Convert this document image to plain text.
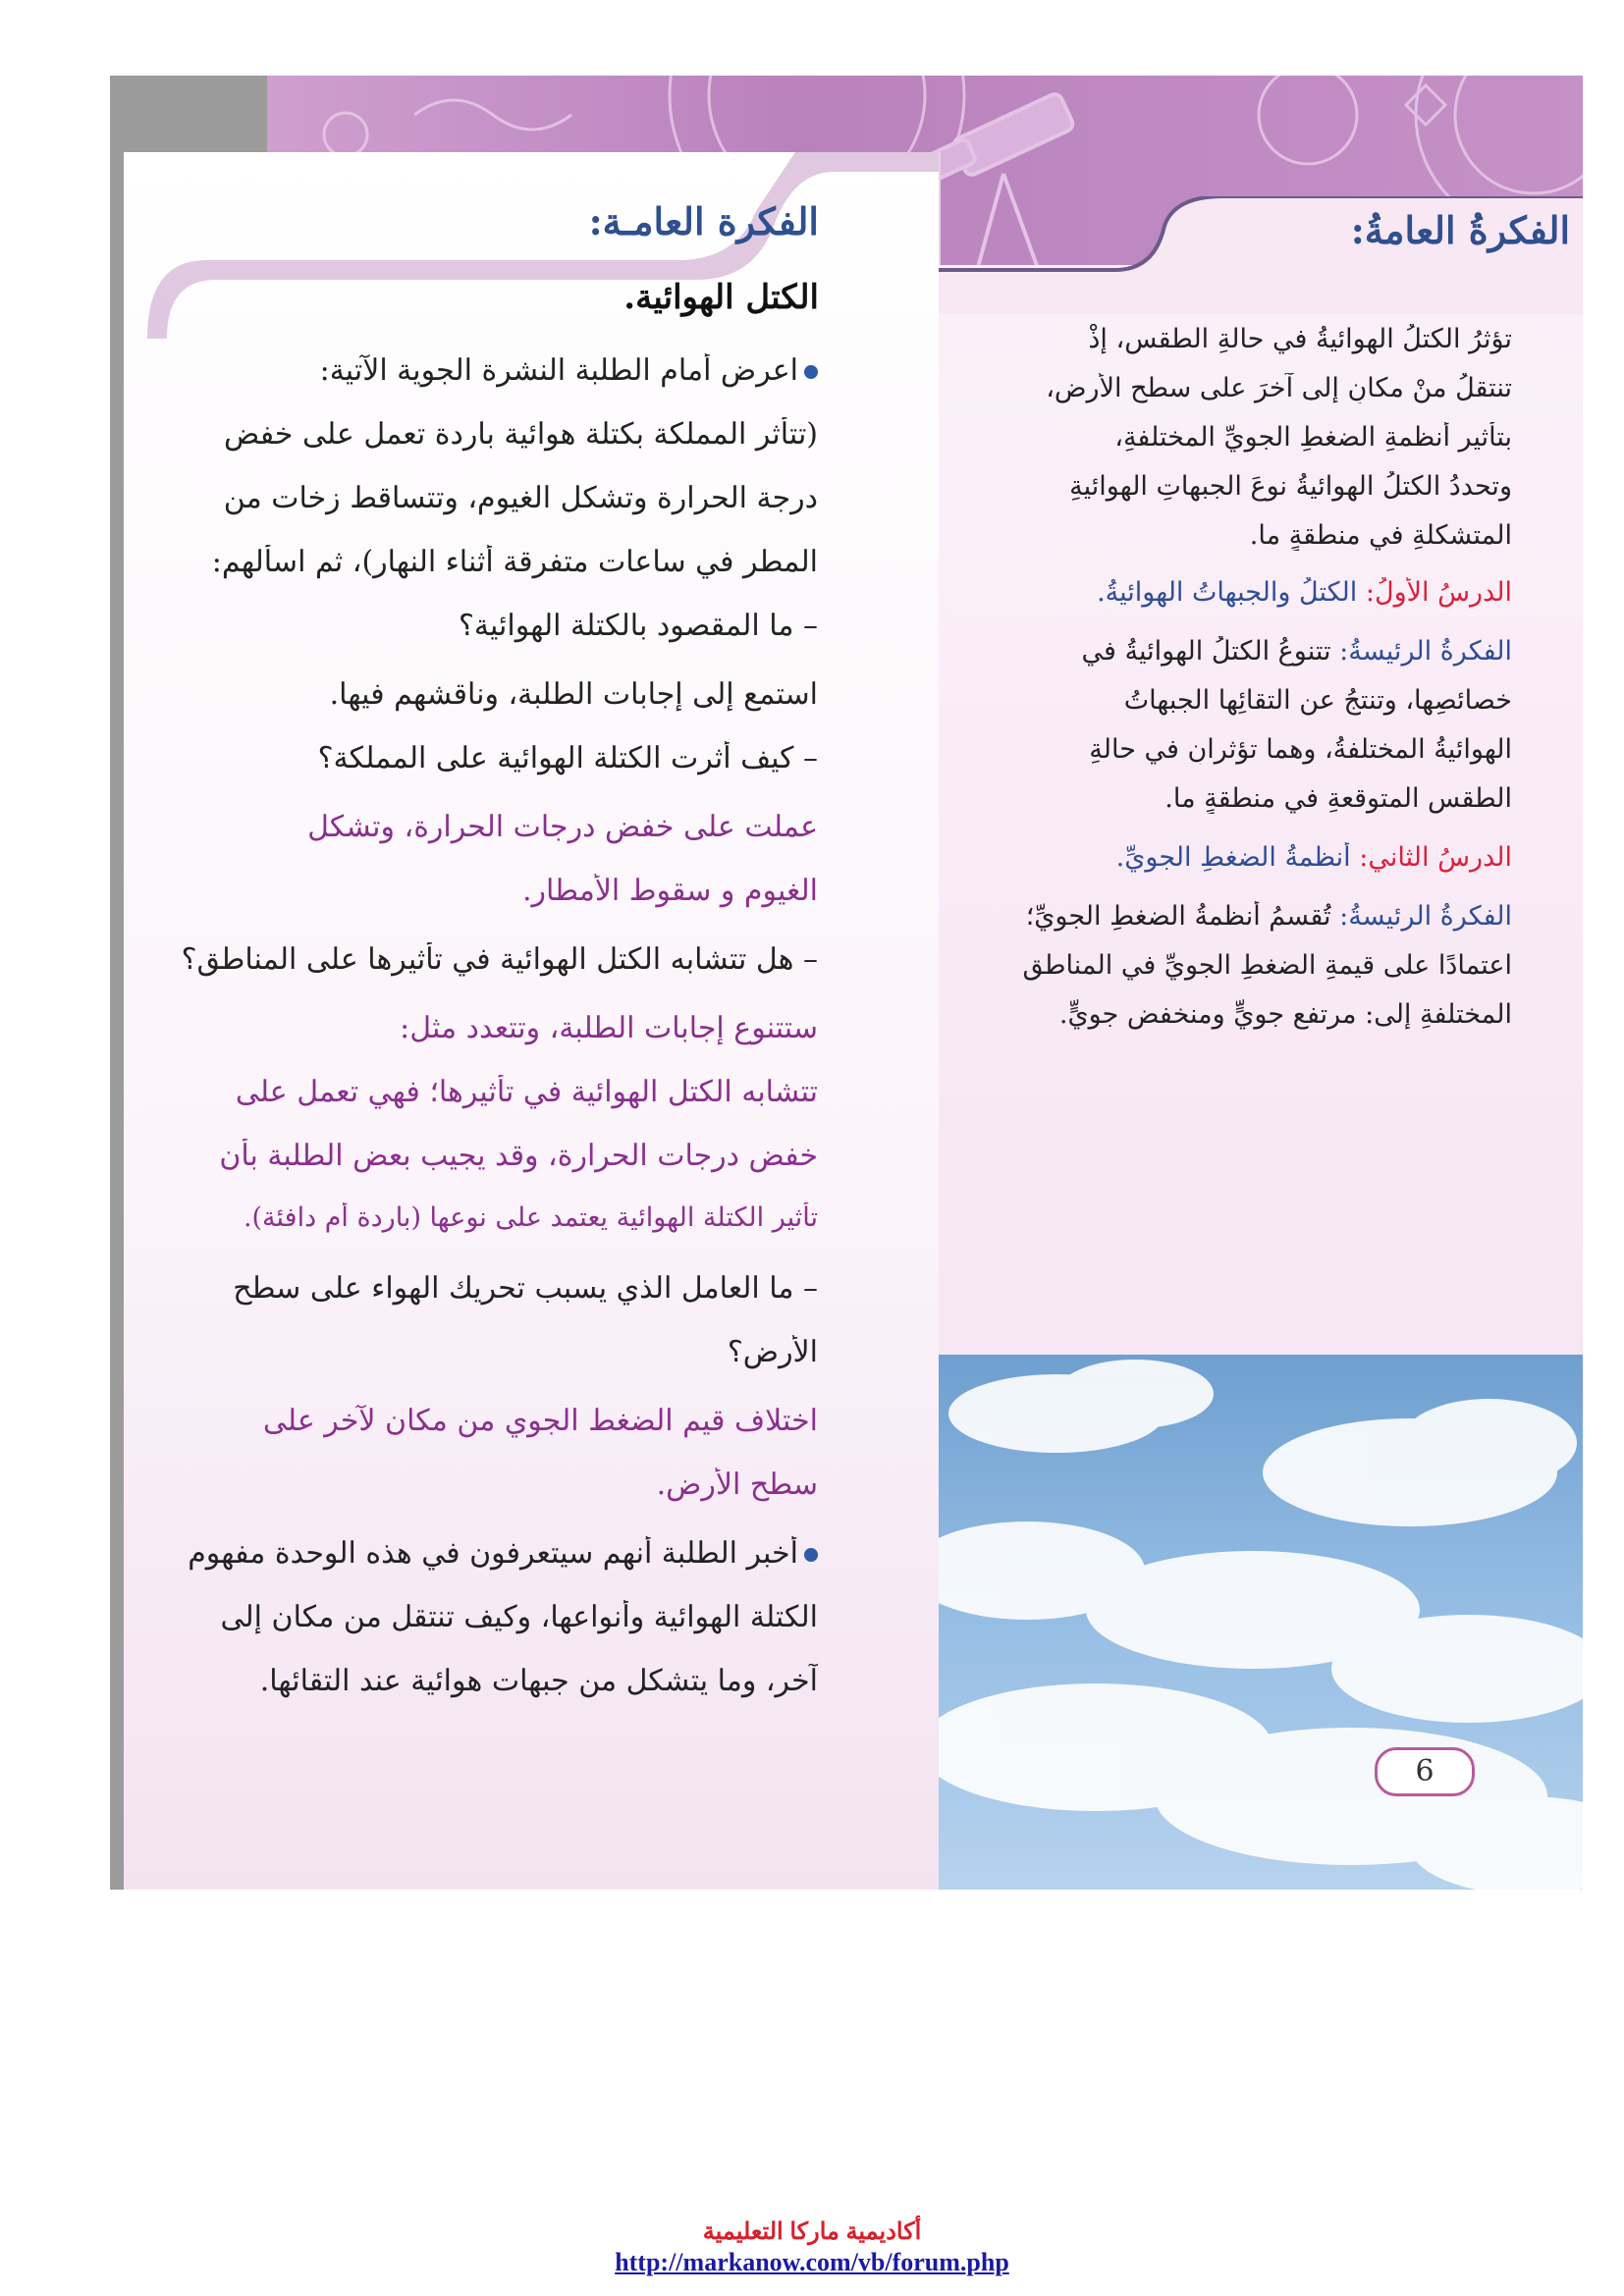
الفكرةُ العامةُ:

تؤثرُ الكتلُ الهوائيةُ في حالةِ الطقسِ، إذْ

تنتقلُ منْ مكانٍ إلى آخرَ على سطحِ الأرضِ،

بتأثيرِ أنظمةِ الضغطِ الجويِّ المختلفةِ،

وتحددُ الكتلُ الهوائيةُ نوعَ الجبهاتِ الهوائيةِ

المتشكلةِ في منطقةٍ ما.

الدرسُ الأولُ: الكتلُ والجبهاتُ الهوائيةُ.

الفكرةُ الرئيسةُ: تتنوعُ الكتلُ الهوائيةُ في

خصائصِها، وتنتجُ عن التقائِها الجبهاتُ

الهوائيةُ المختلفةُ، وهما تؤثرانِ في حالةِ

الطقسِ المتوقعةِ في منطقةٍ ما.

الدرسُ الثاني: أنظمةُ الضغطِ الجويِّ.

الفكرةُ الرئيسةُ: تُقسمُ أنظمةُ الضغطِ الجويِّ؛

اعتمادًا على قيمةِ الضغطِ الجويِّ في المناطقِ

المختلفةِ إلى: مرتفعٍ جويٍّ ومنخفضٍ جويٍّ.

6
الفكرة العامـة:
الكتل الهوائية.

اعرض أمام الطلبة النشرة الجوية الآتية:

(تتأثر المملكة بكتلة هوائية باردة تعمل على خفض

درجة الحرارة وتشكل الغيوم، وتتساقط زخات من

المطر في ساعات متفرقة أثناء النهار)، ثم اسألهم:

– ما المقصود بالكتلة الهوائية؟

استمع إلى إجابات الطلبة، وناقشهم فيها.

– كيف أثرت الكتلة الهوائية على المملكة؟

عملت على خفض درجات الحرارة، وتشكل

الغيوم و سقوط الأمطار.

– هل تتشابه الكتل الهوائية في تأثيرها على المناطق؟

ستتنوع إجابات الطلبة، وتتعدد مثل:

تتشابه الكتل الهوائية في تأثيرها؛ فهي تعمل على

خفض درجات الحرارة، وقد يجيب بعض الطلبة بأن

تأثير الكتلة الهوائية يعتمد على نوعها (باردة أم دافئة).

– ما العامل الذي يسبب تحريك الهواء على سطح

الأرض؟

اختلاف قيم الضغط الجوي من مكان لآخر على

سطح الأرض.

أخبر الطلبة أنهم سيتعرفون في هذه الوحدة مفهوم

الكتلة الهوائية وأنواعها، وكيف تنتقل من مكان إلى

آخر، وما يتشكل من جبهات هوائية عند التقائها.

أكاديمية ماركا التعليمية

http://markanow.com/vb/forum.php
